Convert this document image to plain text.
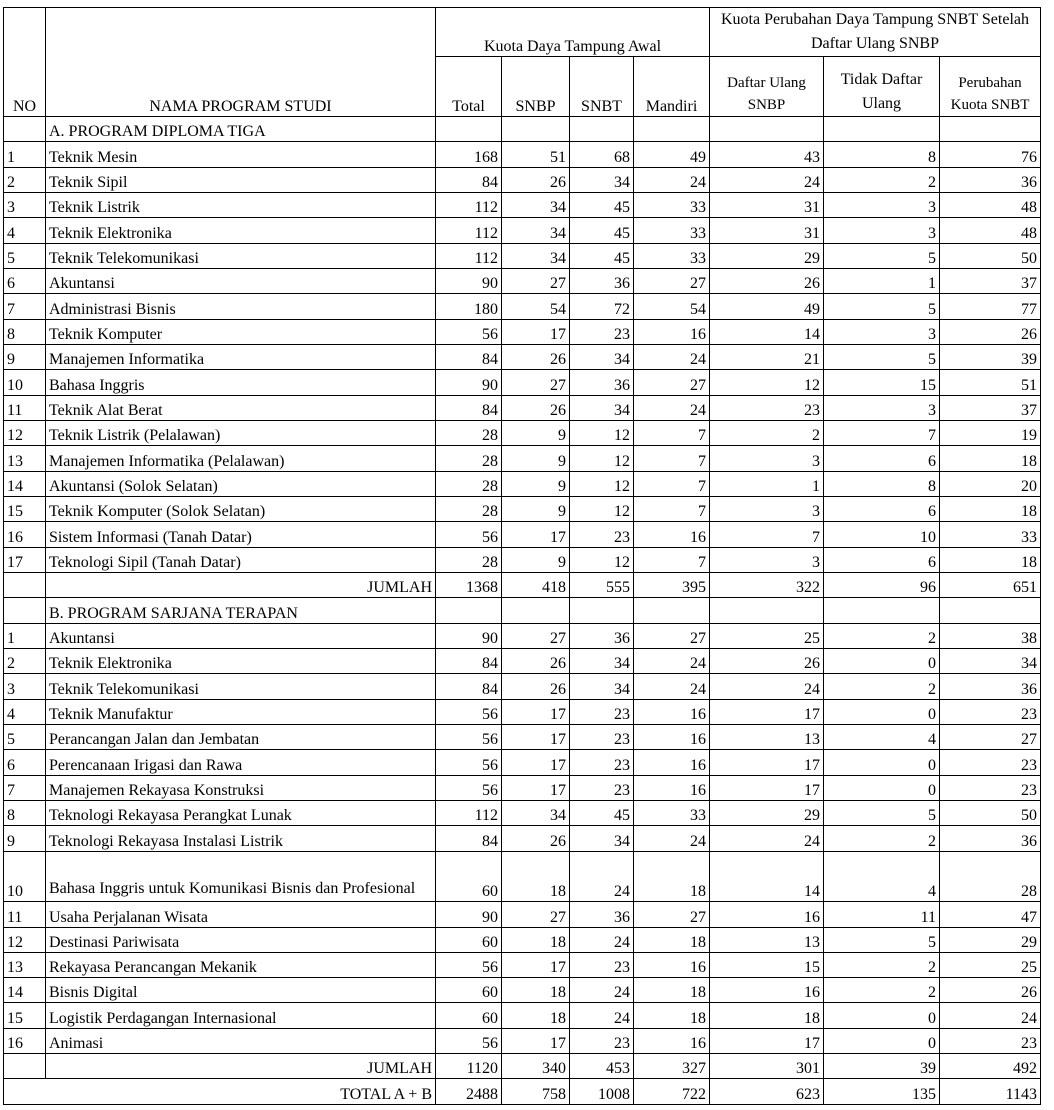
NO	NAMA PROGRAM STUDI	Kuota Daya Tampung Awal				Kuota Perubahan Daya Tampung SNBT Setelah Daftar Ulang SNBP		
		Total	SNBP	SNBT	Mandiri	Daftar Ulang SNBP	Tidak Daftar Ulang	Perubahan Kuota SNBT
	A. PROGRAM DIPLOMA TIGA							
1	Teknik Mesin	168	51	68	49	43	8	76
2	Teknik Sipil	84	26	34	24	24	2	36
3	Teknik Listrik	112	34	45	33	31	3	48
4	Teknik Elektronika	112	34	45	33	31	3	48
5	Teknik Telekomunikasi	112	34	45	33	29	5	50
6	Akuntansi	90	27	36	27	26	1	37
7	Administrasi Bisnis	180	54	72	54	49	5	77
8	Teknik Komputer	56	17	23	16	14	3	26
9	Manajemen Informatika	84	26	34	24	21	5	39
10	Bahasa Inggris	90	27	36	27	12	15	51
11	Teknik Alat Berat	84	26	34	24	23	3	37
12	Teknik Listrik (Pelalawan)	28	9	12	7	2	7	19
13	Manajemen Informatika (Pelalawan)	28	9	12	7	3	6	18
14	Akuntansi (Solok Selatan)	28	9	12	7	1	8	20
15	Teknik Komputer (Solok Selatan)	28	9	12	7	3	6	18
16	Sistem Informasi (Tanah Datar)	56	17	23	16	7	10	33
17	Teknologi Sipil (Tanah Datar)	28	9	12	7	3	6	18
	JUMLAH	1368	418	555	395	322	96	651
	B. PROGRAM SARJANA TERAPAN							
1	Akuntansi	90	27	36	27	25	2	38
2	Teknik Elektronika	84	26	34	24	26	0	34
3	Teknik Telekomunikasi	84	26	34	24	24	2	36
4	Teknik Manufaktur	56	17	23	16	17	0	23
5	Perancangan Jalan dan Jembatan	56	17	23	16	13	4	27
6	Perencanaan Irigasi dan Rawa	56	17	23	16	17	0	23
7	Manajemen Rekayasa Konstruksi	56	17	23	16	17	0	23
8	Teknologi Rekayasa Perangkat Lunak	112	34	45	33	29	5	50
9	Teknologi Rekayasa Instalasi Listrik	84	26	34	24	24	2	36
10	Bahasa Inggris untuk Komunikasi Bisnis dan Profesional	60	18	24	18	14	4	28
11	Usaha Perjalanan Wisata	90	27	36	27	16	11	47
12	Destinasi Pariwisata	60	18	24	18	13	5	29
13	Rekayasa Perancangan Mekanik	56	17	23	16	15	2	25
14	Bisnis Digital	60	18	24	18	16	2	26
15	Logistik Perdagangan Internasional	60	18	24	18	18	0	24
16	Animasi	56	17	23	16	17	0	23
	JUMLAH	1120	340	453	327	301	39	492
TOTAL A + B		2488	758	1008	722	623	135	1143
